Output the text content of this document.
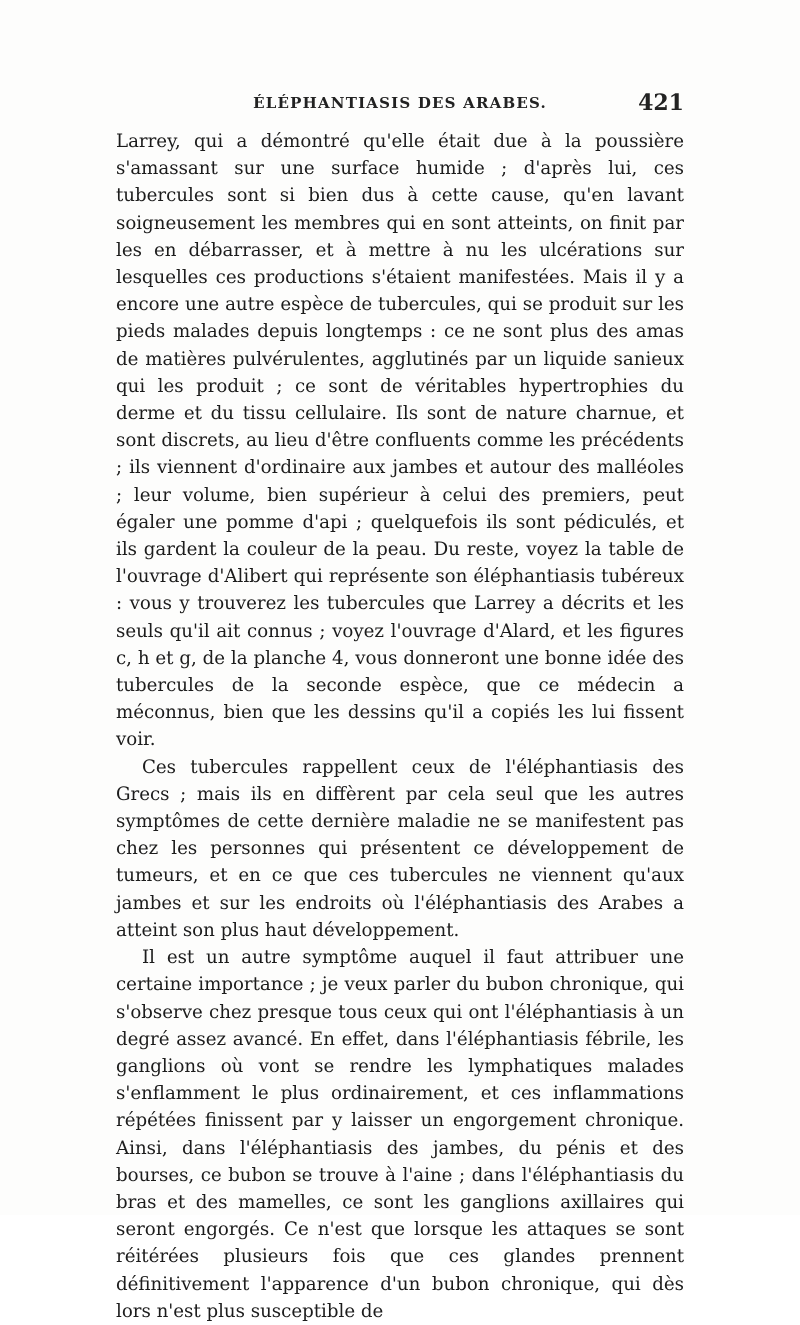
ÉLÉPHANTIASIS DES ARABES.	421

Larrey, qui a démontré qu'elle était due à la poussière s'amassant sur une surface humide ; d'après lui, ces tubercules sont si bien dus à cette cause, qu'en lavant soigneusement les membres qui en sont atteints, on finit par les en débarrasser, et à mettre à nu les ulcérations sur lesquelles ces productions s'étaient manifestées. Mais il y a encore une autre espèce de tubercules, qui se produit sur les pieds malades depuis longtemps : ce ne sont plus des amas de matières pulvérulentes, agglutinés par un liquide sanieux qui les produit ; ce sont de véritables hypertrophies du derme et du tissu cellulaire. Ils sont de nature charnue, et sont discrets, au lieu d'être confluents comme les précédents ; ils viennent d'ordinaire aux jambes et autour des malléoles ; leur volume, bien supérieur à celui des premiers, peut égaler une pomme d'api ; quelquefois ils sont pédiculés, et ils gardent la couleur de la peau. Du reste, voyez la table de l'ouvrage d'Alibert qui représente son éléphantiasis tubéreux : vous y trouverez les tubercules que Larrey a décrits et les seuls qu'il ait connus ; voyez l'ouvrage d'Alard, et les figures c, h et g, de la planche 4, vous donneront une bonne idée des tubercules de la seconde espèce, que ce médecin a méconnus, bien que les dessins qu'il a copiés les lui fissent voir.

Ces tubercules rappellent ceux de l'éléphantiasis des Grecs ; mais ils en diffèrent par cela seul que les autres symptômes de cette dernière maladie ne se manifestent pas chez les personnes qui présentent ce développement de tumeurs, et en ce que ces tubercules ne viennent qu'aux jambes et sur les endroits où l'éléphantiasis des Arabes a atteint son plus haut développement.

Il est un autre symptôme auquel il faut attribuer une certaine importance ; je veux parler du bubon chronique, qui s'observe chez presque tous ceux qui ont l'éléphantiasis à un degré assez avancé. En effet, dans l'éléphantiasis fébrile, les ganglions où vont se rendre les lymphatiques malades s'enflamment le plus ordinairement, et ces inflammations répétées finissent par y laisser un engorgement chronique. Ainsi, dans l'éléphantiasis des jambes, du pénis et des bourses, ce bubon se trouve à l'aine ; dans l'éléphantiasis du bras et des mamelles, ce sont les ganglions axillaires qui seront engorgés. Ce n'est que lorsque les attaques se sont réitérées plusieurs fois que ces glandes prennent définitivement l'apparence d'un bubon chronique, qui dès lors n'est plus susceptible de
